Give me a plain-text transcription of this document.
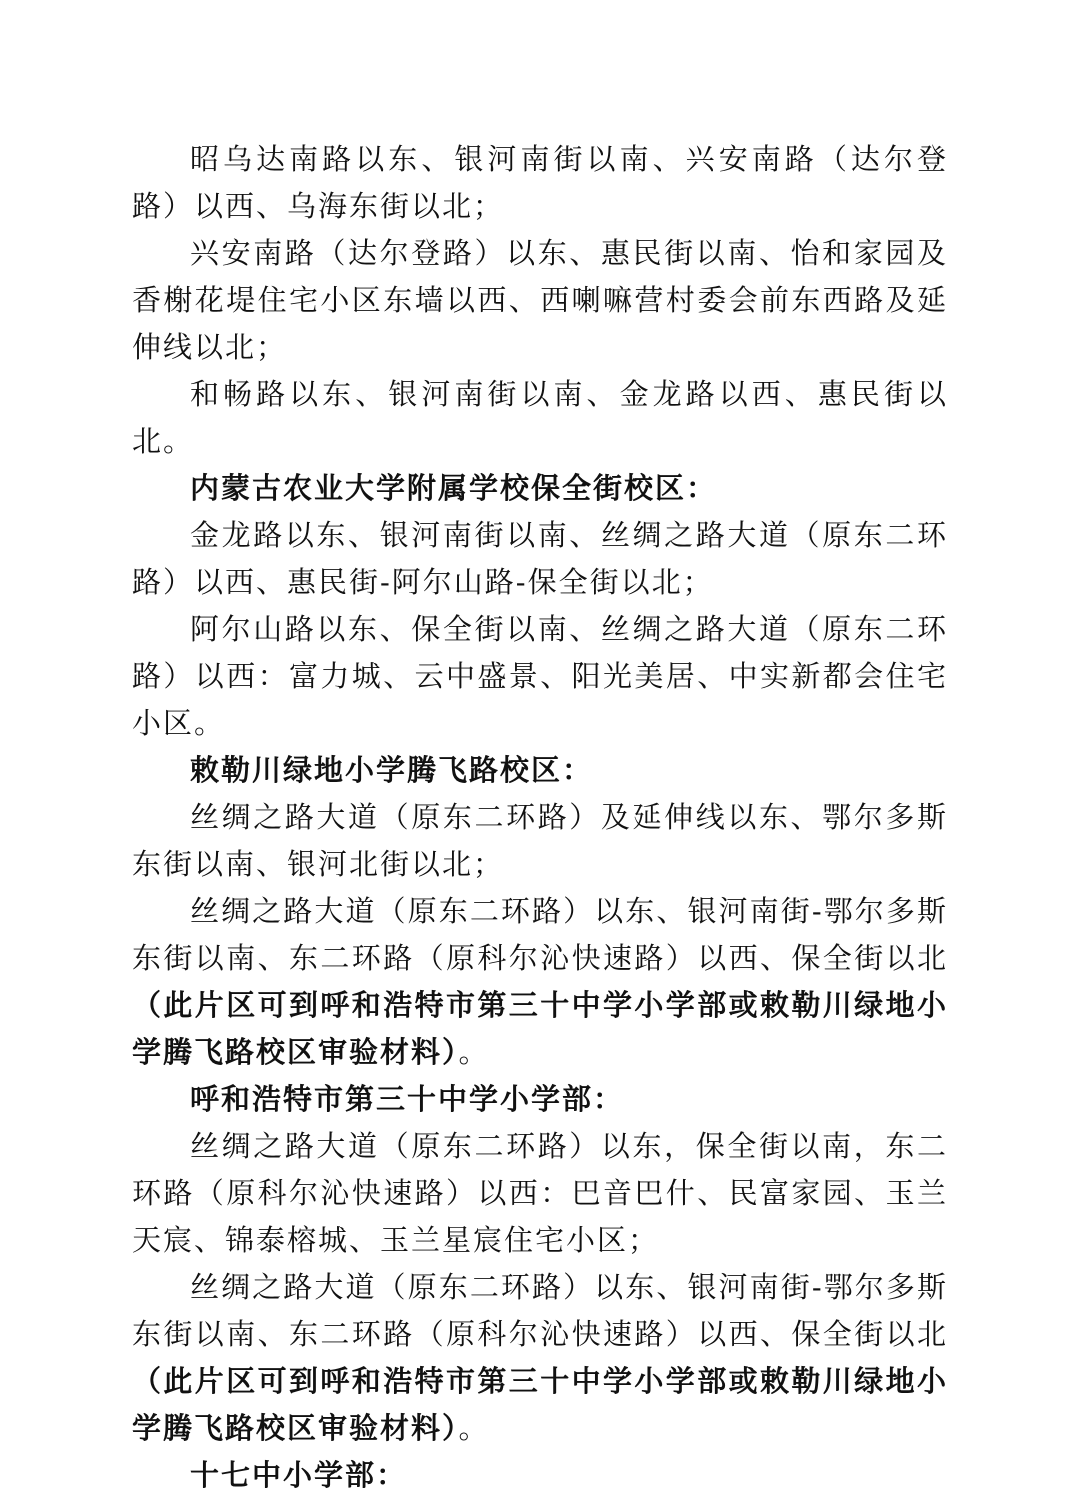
昭乌达南路以东、银河南街以南、兴安南路（达尔登路）以西、乌海东街以北；

兴安南路（达尔登路）以东、惠民街以南、怡和家园及香榭花堤住宅小区东墙以西、西喇嘛营村委会前东西路及延伸线以北；

和畅路以东、银河南街以南、金龙路以西、惠民街以北。

内蒙古农业大学附属学校保全街校区：

金龙路以东、银河南街以南、丝绸之路大道（原东二环路）以西、惠民街-阿尔山路-保全街以北；

阿尔山路以东、保全街以南、丝绸之路大道（原东二环路）以西：富力城、云中盛景、阳光美居、中实新都会住宅小区。

敕勒川绿地小学腾飞路校区：

丝绸之路大道（原东二环路）及延伸线以东、鄂尔多斯东街以南、银河北街以北；

丝绸之路大道（原东二环路）以东、银河南街-鄂尔多斯东街以南、东二环路（原科尔沁快速路）以西、保全街以北（此片区可到呼和浩特市第三十中学小学部或敕勒川绿地小学腾飞路校区审验材料）。

呼和浩特市第三十中学小学部：

丝绸之路大道（原东二环路）以东，保全街以南，东二环路（原科尔沁快速路）以西：巴音巴什、民富家园、玉兰天宸、锦泰榕城、玉兰星宸住宅小区；

丝绸之路大道（原东二环路）以东、银河南街-鄂尔多斯东街以南、东二环路（原科尔沁快速路）以西、保全街以北（此片区可到呼和浩特市第三十中学小学部或敕勒川绿地小学腾飞路校区审验材料）。

十七中小学部：
